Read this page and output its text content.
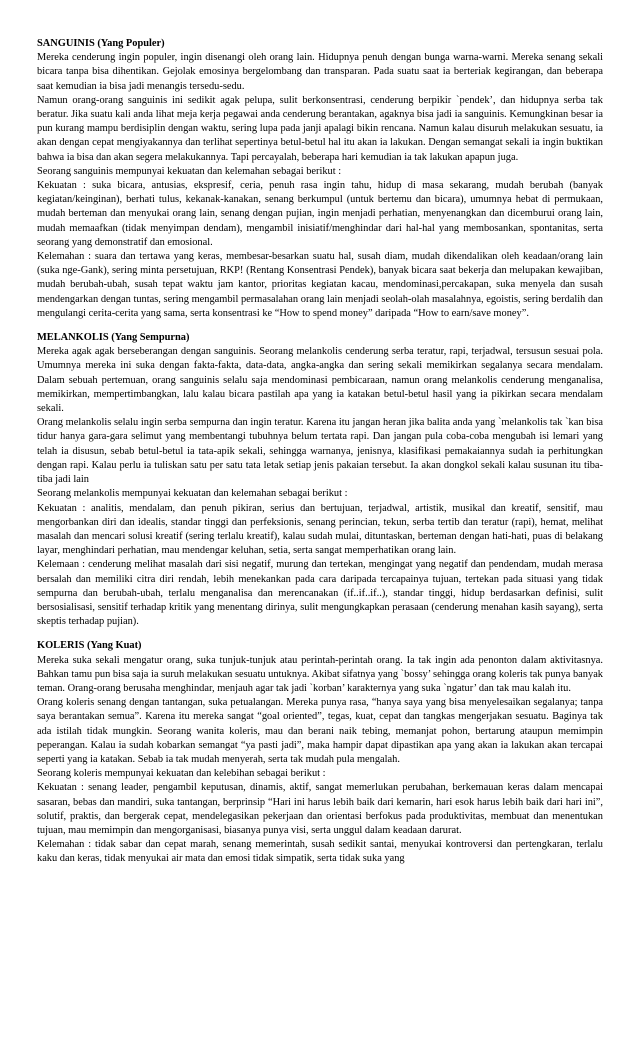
SANGUINIS (Yang Populer)

Mereka cenderung ingin populer, ingin disenangi oleh orang lain. Hidupnya penuh dengan bunga warna-warni. Mereka senang sekali bicara tanpa bisa dihentikan. Gejolak emosinya bergelombang dan transparan. Pada suatu saat ia berteriak kegirangan, dan beberapa saat kemudian ia bisa jadi menangis tersedu-sedu.

Namun orang-orang sanguinis ini sedikit agak pelupa, sulit berkonsentrasi, cenderung berpikir `pendek’, dan hidupnya serba tak beratur. Jika suatu kali anda lihat meja kerja pegawai anda cenderung berantakan, agaknya bisa jadi ia sanguinis. Kemungkinan besar ia pun kurang mampu berdisiplin dengan waktu, sering lupa pada janji apalagi bikin rencana. Namun kalau disuruh melakukan sesuatu, ia akan dengan cepat mengiyakannya dan terlihat sepertinya betul-betul hal itu akan ia lakukan. Dengan semangat sekali ia ingin buktikan bahwa ia bisa dan akan segera melakukannya. Tapi percayalah, beberapa hari kemudian ia tak lakukan apapun juga.

Seorang sanguinis mempunyai kekuatan dan kelemahan sebagai berikut :

Kekuatan : suka bicara, antusias, ekspresif, ceria, penuh rasa ingin tahu, hidup di masa sekarang, mudah berubah (banyak kegiatan/keinginan), berhati tulus, kekanak-kanakan, senang berkumpul (untuk bertemu dan bicara), umumnya hebat di permukaan, mudah berteman dan menyukai orang lain, senang dengan pujian, ingin menjadi perhatian, menyenangkan dan dicemburui orang lain, mudah memaafkan (tidak menyimpan dendam), mengambil inisiatif/menghindar dari hal-hal yang membosankan, spontanitas, serta seorang yang demonstratif dan emosional.

Kelemahan : suara dan tertawa yang keras, membesar-besarkan suatu hal, susah diam, mudah dikendalikan oleh keadaan/orang lain (suka nge-Gank), sering minta persetujuan, RKP! (Rentang Konsentrasi Pendek), banyak bicara saat bekerja dan melupakan kewajiban, mudah berubah-ubah, susah tepat waktu jam kantor, prioritas kegiatan kacau, mendominasi,percakapan, suka menyela dan susah mendengarkan dengan tuntas, sering mengambil permasalahan orang lain menjadi seolah-olah masalahnya, egoistis, sering berdalih dan mengulangi cerita-cerita yang sama, serta konsentrasi ke “How to spend money” daripada “How to earn/save money”.

MELANKOLIS (Yang Sempurna)

Mereka agak agak berseberangan dengan sanguinis. Seorang melankolis cenderung serba teratur, rapi, terjadwal, tersusun sesuai pola. Umumnya mereka ini suka dengan fakta-fakta, data-data, angka-angka dan sering sekali memikirkan segalanya secara mendalam. Dalam sebuah pertemuan, orang sanguinis selalu saja mendominasi pembicaraan, namun orang melankolis cenderung menganalisa, memikirkan, mempertimbangkan, lalu kalau bicara pastilah apa yang ia katakan betul-betul hasil yang ia pikirkan secara mendalam sekali.

Orang melankolis selalu ingin serba sempurna dan ingin teratur. Karena itu jangan heran jika balita anda yang `melankolis tak `kan bisa tidur hanya gara-gara selimut yang membentangi tubuhnya belum tertata rapi. Dan jangan pula coba-coba mengubah isi lemari yang telah ia disusun, sebab betul-betul ia tata-apik sekali, sehingga warnanya, jenisnya, klasifikasi pemakaiannya sudah ia perhitungkan dengan rapi. Kalau perlu ia tuliskan satu per satu tata letak setiap jenis pakaian tersebut. Ia akan dongkol sekali kalau susunan itu tiba-tiba jadi lain

Seorang melankolis mempunyai kekuatan dan kelemahan sebagai berikut :

Kekuatan : analitis, mendalam, dan penuh pikiran, serius dan bertujuan, terjadwal, artistik, musikal dan kreatif, sensitif, mau mengorbankan diri dan idealis, standar tinggi dan perfeksionis, senang perincian, tekun, serba tertib dan teratur (rapi), hemat, melihat masalah dan mencari solusi kreatif (sering terlalu kreatif), kalau sudah mulai, dituntaskan, berteman dengan hati-hati, puas di belakang layar, menghindari perhatian, mau mendengar keluhan, setia, serta sangat memperhatikan orang lain.

Kelemaan : cenderung melihat masalah dari sisi negatif, murung dan tertekan, mengingat yang negatif dan pendendam, mudah merasa bersalah dan memiliki citra diri rendah, lebih menekankan pada cara daripada tercapainya tujuan, tertekan pada situasi yang tidak sempurna dan berubah-ubah, terlalu menganalisa dan merencanakan (if..if..if..), standar tinggi, hidup berdasarkan definisi, sulit bersosialisasi, sensitif terhadap kritik yang menentang dirinya, sulit mengungkapkan perasaan (cenderung menahan kasih sayang), serta skeptis terhadap pujian).

KOLERIS (Yang Kuat)

Mereka suka sekali mengatur orang, suka tunjuk-tunjuk atau perintah-perintah orang. Ia tak ingin ada penonton dalam aktivitasnya. Bahkan tamu pun bisa saja ia suruh melakukan sesuatu untuknya. Akibat sifatnya yang `bossy’ sehingga orang koleris tak punya banyak teman. Orang-orang berusaha menghindar, menjauh agar tak jadi `korban’ karakternya yang suka `ngatur’ dan tak mau kalah itu.

Orang koleris senang dengan tantangan, suka petualangan. Mereka punya rasa, “hanya saya yang bisa menyelesaikan segalanya; tanpa saya berantakan semua”. Karena itu mereka sangat “goal oriented”, tegas, kuat, cepat dan tangkas mengerjakan sesuatu. Baginya tak ada istilah tidak mungkin. Seorang wanita koleris, mau dan berani naik tebing, memanjat pohon, bertarung ataupun memimpin peperangan. Kalau ia sudah kobarkan semangat “ya pasti jadi”, maka hampir dapat dipastikan apa yang akan ia lakukan akan tercapai seperti yang ia katakan. Sebab ia tak mudah menyerah, serta tak mudah pula mengalah.

Seorang koleris mempunyai kekuatan dan kelebihan sebagai berikut :

Kekuatan : senang leader, pengambil keputusan, dinamis, aktif, sangat memerlukan perubahan, berkemauan keras dalam mencapai sasaran, bebas dan mandiri, suka tantangan, berprinsip “Hari ini harus lebih baik dari kemarin, hari esok harus lebih baik dari hari ini”, solutif, praktis, dan bergerak cepat, mendelegasikan pekerjaan dan orientasi berfokus pada produktivitas, membuat dan menentukan tujuan, mau memimpin dan mengorganisasi, biasanya punya visi, serta unggul dalam keadaan darurat.

Kelemahan : tidak sabar dan cepat marah, senang memerintah, susah sedikit santai, menyukai kontroversi dan pertengkaran, terlalu kaku dan keras, tidak menyukai air mata dan emosi tidak simpatik, serta tidak suka yang
